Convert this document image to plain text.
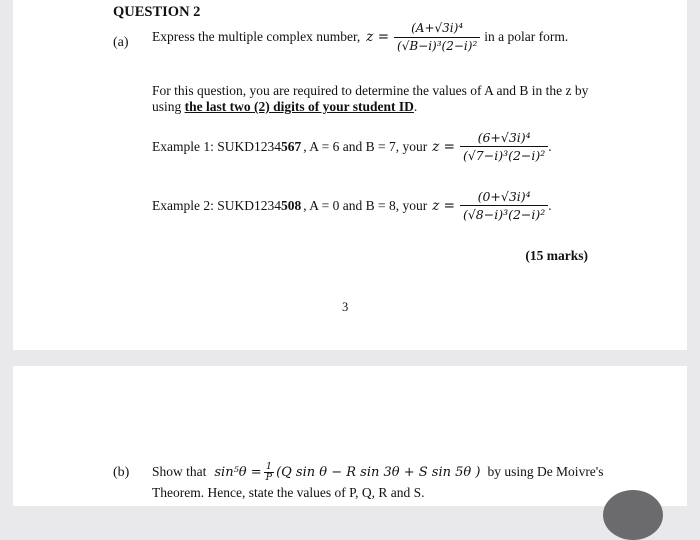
QUESTION 2
(a) Express the multiple complex number, $z = \frac{\text{(A+√3i)⁴}}{\text{(√B−i)³(2−i)²}}$ in a polar form.
For this question, you are required to determine the values of A and B in the z by
using the last two (2) digits of your student ID.
Example 1: SUKD1234 567 , A = 6 and B = 7, your $z = \frac{\text{(6+√3i)⁴}}{\text{(√7−i)³(2−i)²}}$ .
Example 2: SUKD1234 508 , A = 0 and B = 8, your $z = \frac{\text{(0+√3i)⁴}}{\text{(√8−i)³(2−i)²}}$ .
(15 marks)
3
(b) Show that $\sin^5\theta = \frac{1}{P} (Q$ sin θ − R sin 3θ + S sin 5θ ) by using De Moivre's
Theorem. Hence, state the values of P, Q, R and S.
